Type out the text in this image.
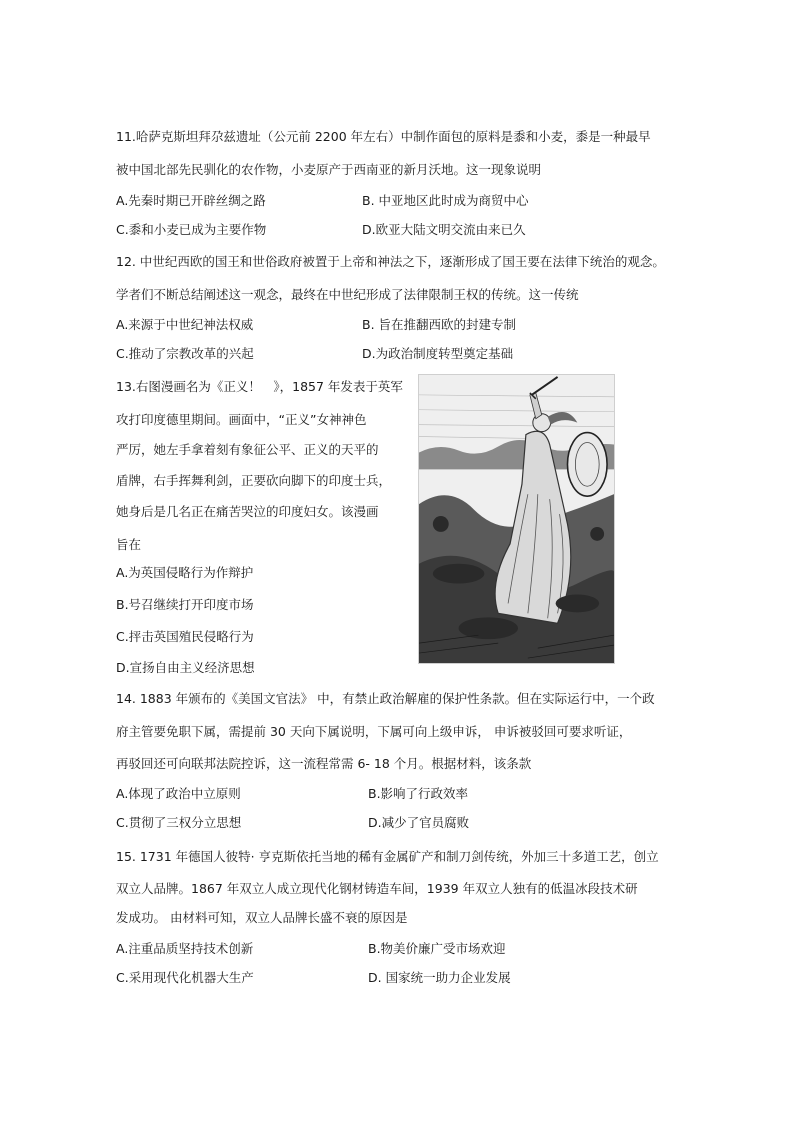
11.哈萨克斯坦拜尕兹遗址（公元前 2200 年左右）中制作面包的原料是黍和小麦，黍是一种最早
被中国北部先民驯化的农作物，小麦原产于西南亚的新月沃地。这一现象说明
A.先秦时期已开辟丝绸之路	B. 中亚地区此时成为商贸中心
C.黍和小麦已成为主要作物	D.欧亚大陆文明交流由来已久
12. 中世纪西欧的国王和世俗政府被置于上帝和神法之下，逐渐形成了国王要在法律下统治的观念。
学者们不断总结阐述这一观念，最终在中世纪形成了法律限制王权的传统。这一传统
A.来源于中世纪神法权威	B. 旨在推翻西欧的封建专制
C.推动了宗教改革的兴起	D.为政治制度转型奠定基础
13.右图漫画名为《正义！　》，1857 年发表于英军
攻打印度德里期间。画面中，“正义”女神神色
严厉，她左手拿着刻有象征公平、正义的天平的
盾牌，右手挥舞利剑，正要砍向脚下的印度士兵，
她身后是几名正在痛苦哭泣的印度妇女。该漫画
旨在
A.为英国侵略行为作辩护
B.号召继续打开印度市场
C.抨击英国殖民侵略行为
D.宣扬自由主义经济思想
14. 1883 年颁布的《美国文官法》 中，有禁止政治解雇的保护性条款。但在实际运行中，一个政
府主管要免职下属，需提前 30 天向下属说明，下属可向上级申诉， 申诉被驳回可要求听证，
再驳回还可向联邦法院控诉，这一流程常需 6- 18 个月。根据材料，该条款
A.体现了政治中立原则	B.影响了行政效率
C.贯彻了三权分立思想	D.减少了官员腐败
15. 1731 年德国人彼特· 亨克斯依托当地的稀有金属矿产和制刀剑传统，外加三十多道工艺，创立
双立人品牌。1867 年双立人成立现代化钢材铸造车间，1939 年双立人独有的低温冰段技术研
发成功。 由材料可知，双立人品牌长盛不衰的原因是
A.注重品质坚持技术创新	B.物美价廉广受市场欢迎
C.采用现代化机器大生产	D. 国家统一助力企业发展
